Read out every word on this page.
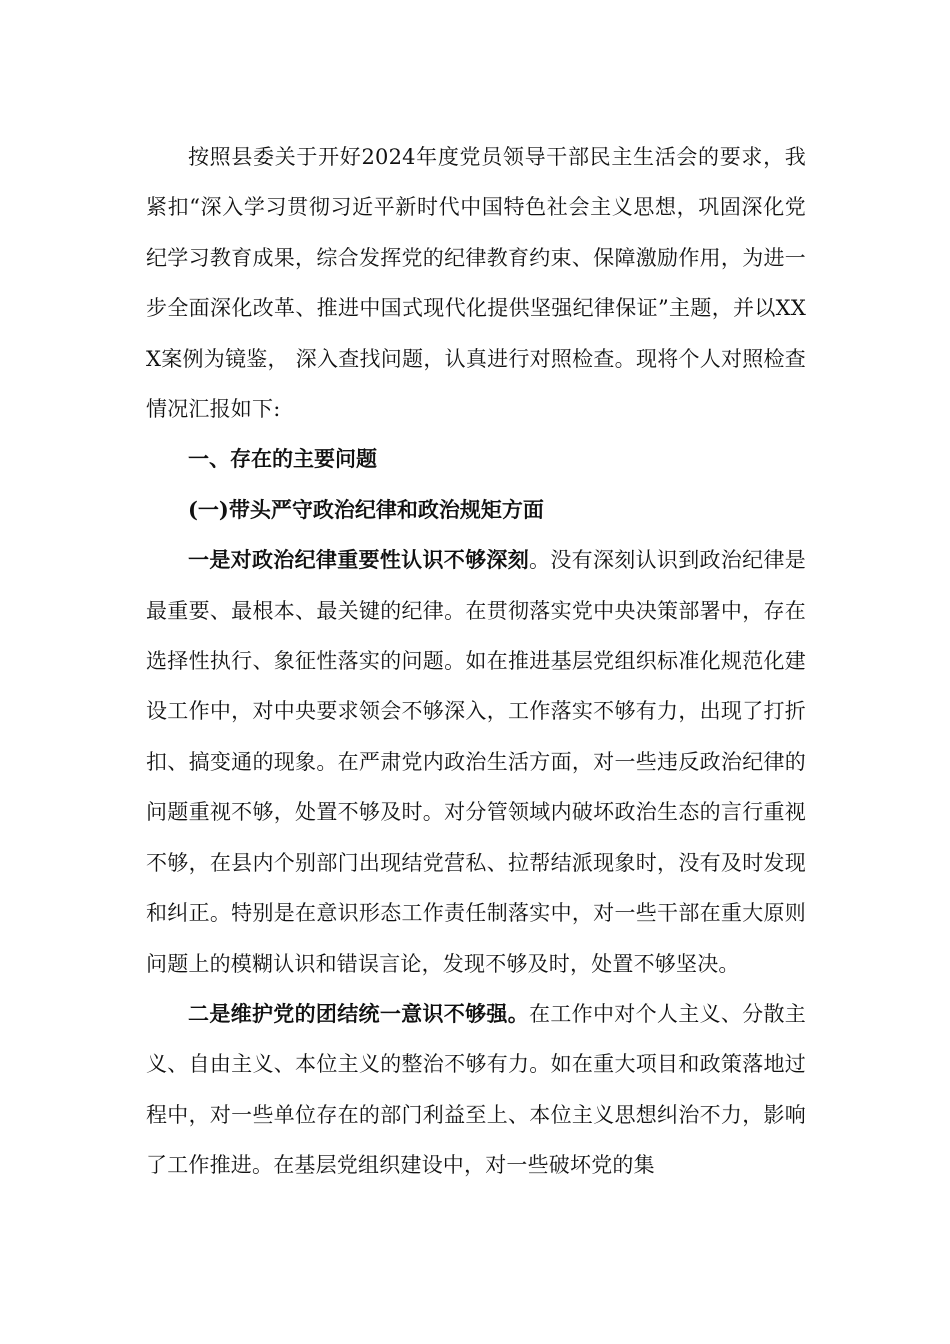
按照县委关于开好2024年度党员领导干部民主生活会的要求，我紧扣“深入学习贯彻习近平新时代中国特色社会主义思想，巩固深化党纪学习教育成果，综合发挥党的纪律教育约束、保障激励作用，为进一步全面深化改革、推进中国式现代化提供坚强纪律保证”主题，并以XXX案例为镜鉴， 深入查找问题，认真进行对照检查。现将个人对照检查情况汇报如下:

一、存在的主要问题

(一)带头严守政治纪律和政治规矩方面

一是对政治纪律重要性认识不够深刻。没有深刻认识到政治纪律是最重要、最根本、最关键的纪律。在贯彻落实党中央决策部署中，存在选择性执行、象征性落实的问题。如在推进基层党组织标准化规范化建设工作中，对中央要求领会不够深入，工作落实不够有力，出现了打折扣、搞变通的现象。在严肃党内政治生活方面，对一些违反政治纪律的问题重视不够，处置不够及时。对分管领域内破坏政治生态的言行重视不够，在县内个别部门出现结党营私、拉帮结派现象时，没有及时发现和纠正。特别是在意识形态工作责任制落实中，对一些干部在重大原则问题上的模糊认识和错误言论，发现不够及时，处置不够坚决。

二是维护党的团结统一意识不够强。在工作中对个人主义、分散主义、自由主义、本位主义的整治不够有力。如在重大项目和政策落地过程中，对一些单位存在的部门利益至上、本位主义思想纠治不力，影响了工作推进。在基层党组织建设中，对一些破坏党的集
